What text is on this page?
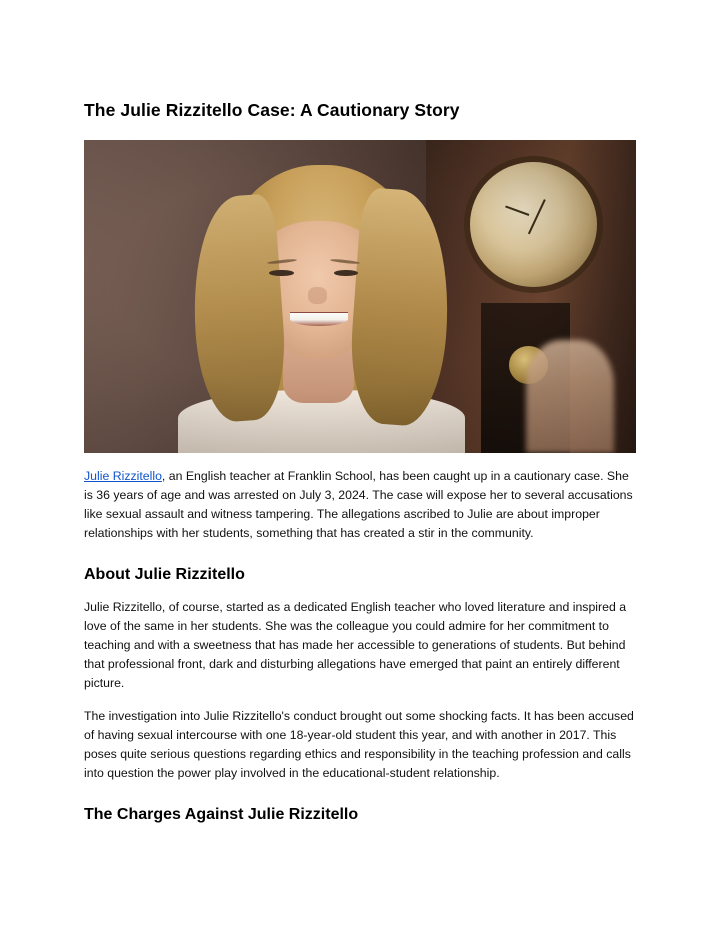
The Julie Rizzitello Case: A Cautionary Story

Julie Rizzitello, an English teacher at Franklin School, has been caught up in a cautionary case. She is 36 years of age and was arrested on July 3, 2024. The case will expose her to several accusations like sexual assault and witness tampering. The allegations ascribed to Julie are about improper relationships with her students, something that has created a stir in the community.

About Julie Rizzitello

Julie Rizzitello, of course, started as a dedicated English teacher who loved literature and inspired a love of the same in her students. She was the colleague you could admire for her commitment to teaching and with a sweetness that has made her accessible to generations of students. But behind that professional front, dark and disturbing allegations have emerged that paint an entirely different picture.

The investigation into Julie Rizzitello's conduct brought out some shocking facts. It has been accused of having sexual intercourse with one 18-year-old student this year, and with another in 2017. This poses quite serious questions regarding ethics and responsibility in the teaching profession and calls into question the power play involved in the educational-student relationship.

The Charges Against Julie Rizzitello
